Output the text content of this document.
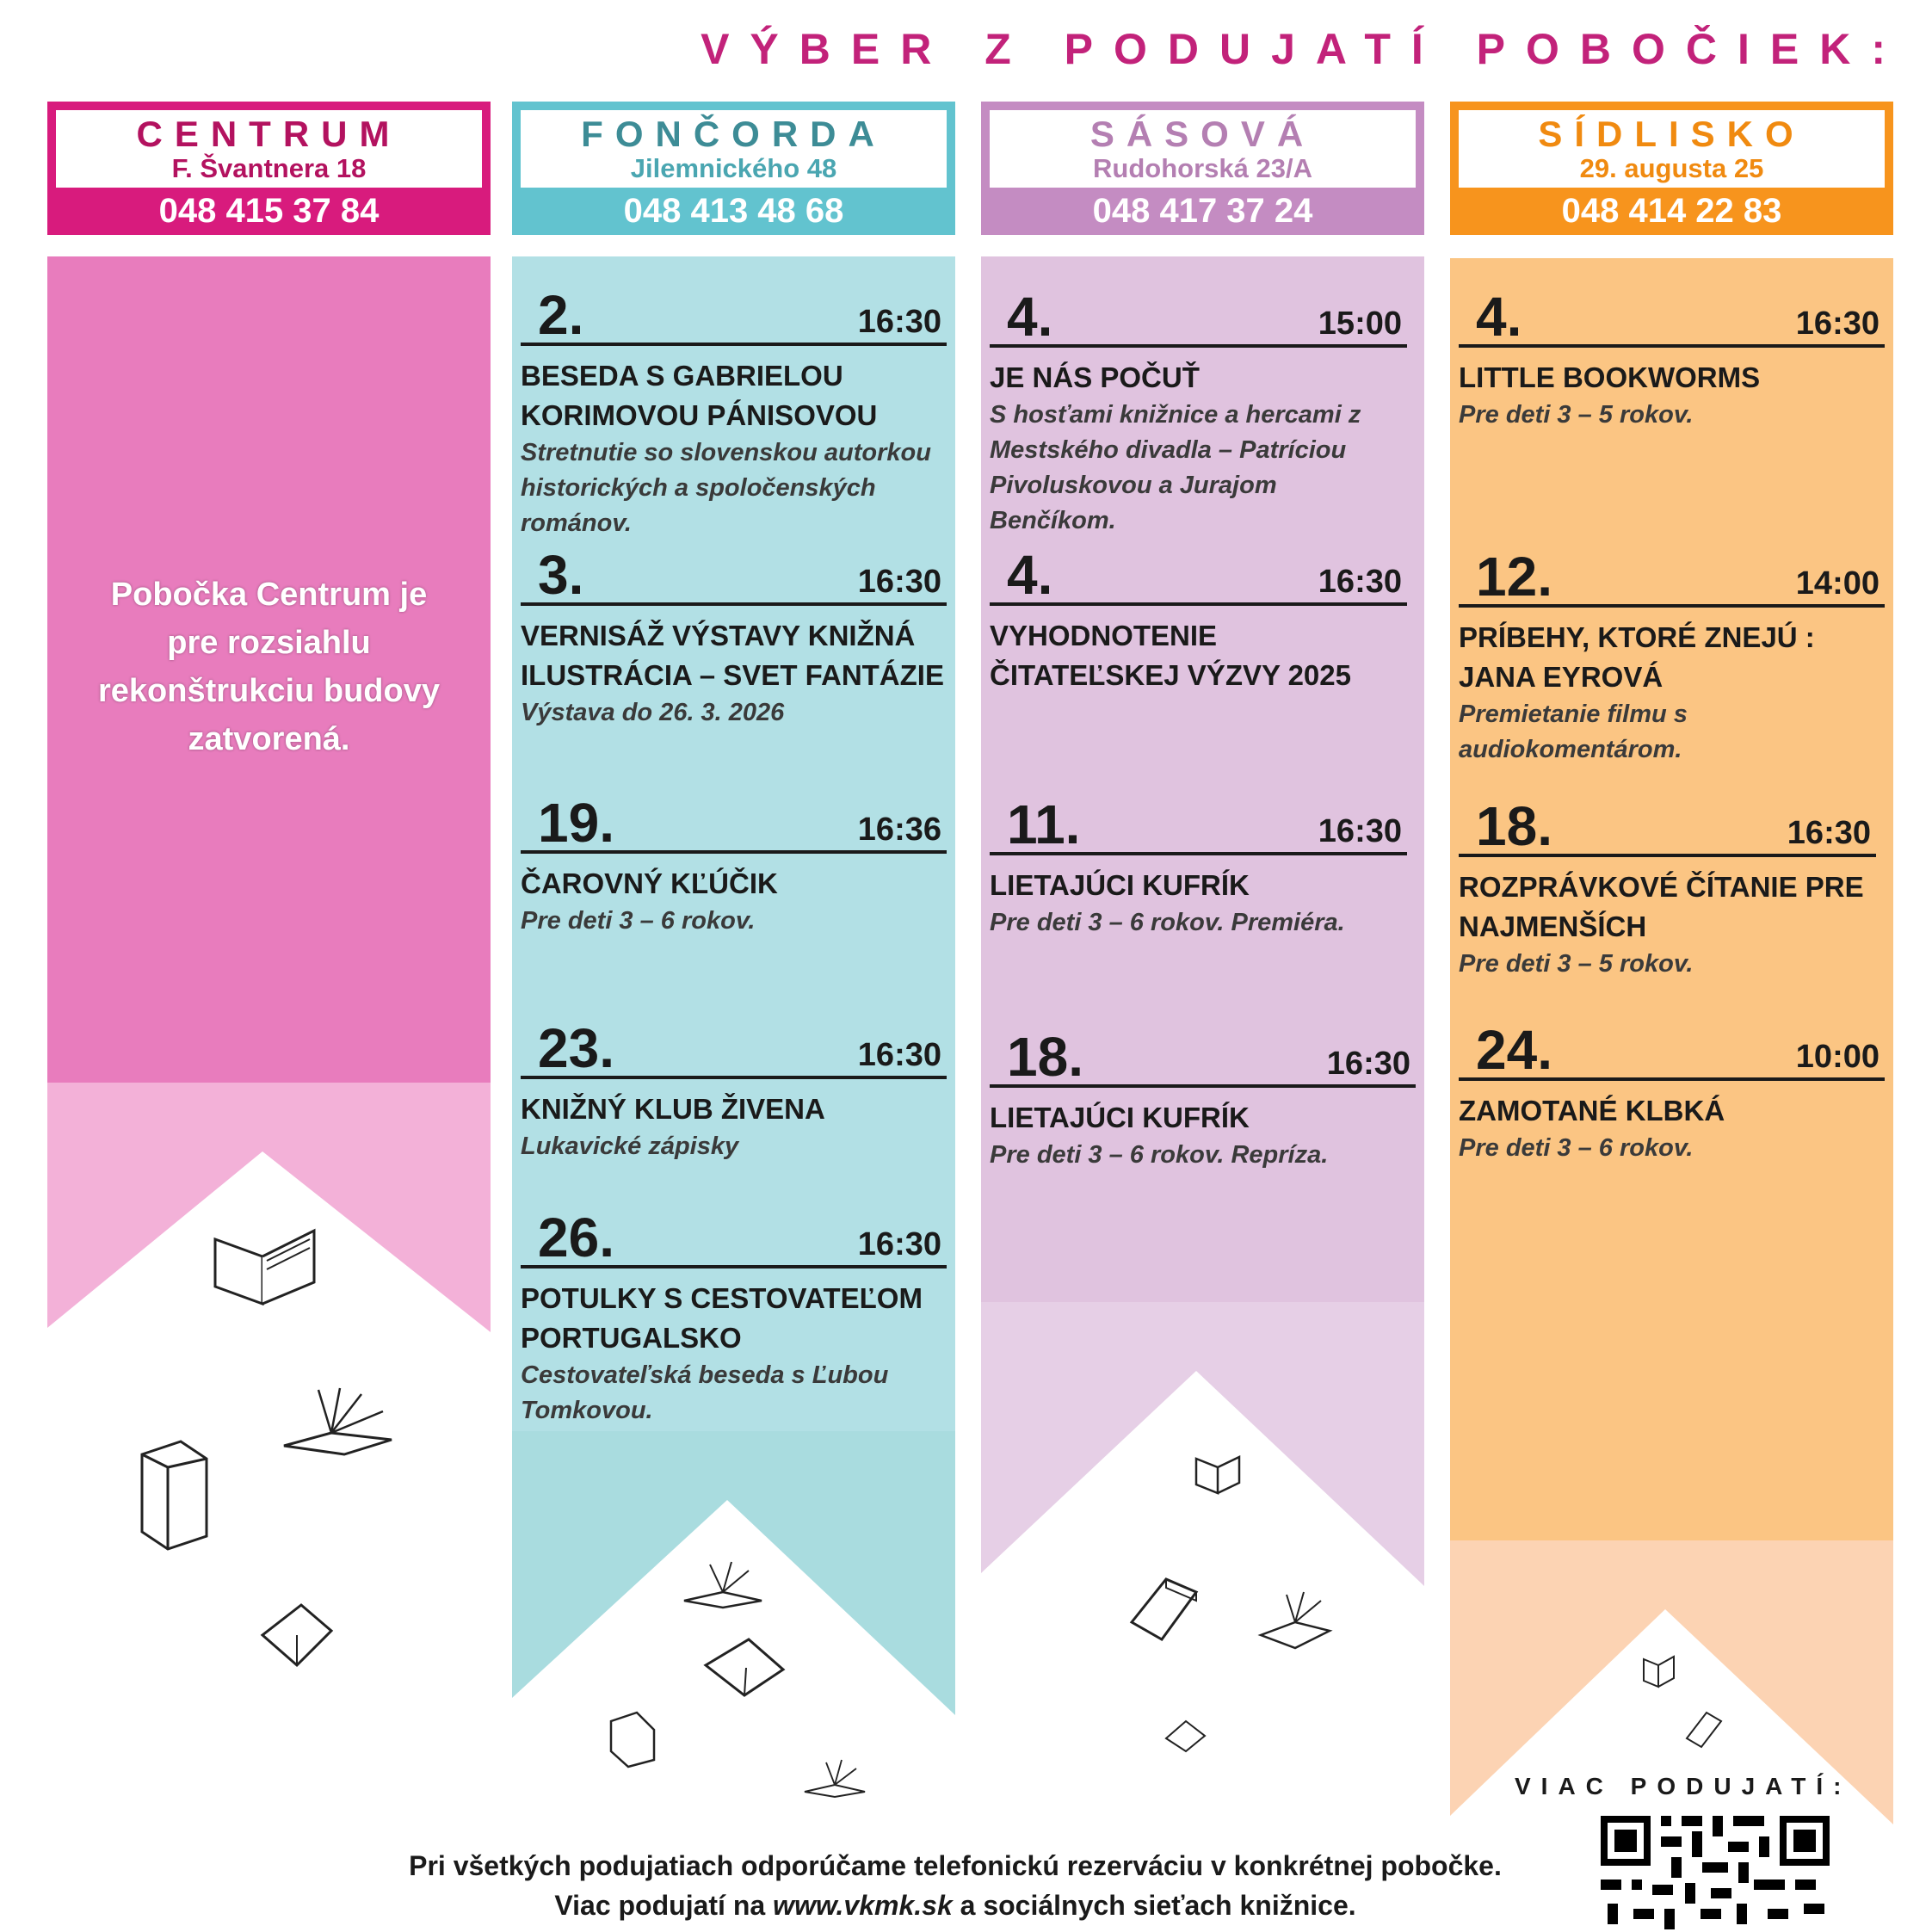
VÝBER Z PODUJATÍ POBOČIEK:
CENTRUM
F. Švantnera 18
048 415 37 84
FONČORDA
Jilemnického 48
048 413 48 68
SÁSOVÁ
Rudohorská 23/A
048 417 37 24
SÍDLISKO
29. augusta 25
048 414 22 83
Pobočka Centrum je pre rozsiahlu rekonštrukciu budovy zatvorená.
2.	16:30
BESEDA S GABRIELOU KORIMOVOU PÁNISOVOU
Stretnutie so slovenskou autorkou historických a spoločenských románov.
3.	16:30
VERNISÁŽ VÝSTAVY KNIŽNÁ ILUSTRÁCIA – SVET FANTÁZIE
Výstava do 26. 3. 2026
19.	16:36
ČAROVNÝ KĽÚČIK
Pre deti 3 – 6 rokov.
23.	16:30
KNIŽNÝ KLUB ŽIVENA
Lukavické zápisky
26.	16:30
POTULKY S CESTOVATEĽOM PORTUGALSKO
Cestovateľská beseda s Ľubou Tomkovou.
4.	15:00
JE NÁS POČUŤ
S hosťami knižnice a hercami z Mestského divadla – Patríciou Pivoluskovou a Jurajom Benčíkom.
4.	16:30
VYHODNOTENIE ČITATEĽSKEJ VÝZVY 2025
11.	16:30
LIETAJÚCI KUFRÍK
Pre deti 3 – 6 rokov. Premiéra.
18.	16:30
LIETAJÚCI KUFRÍK
Pre deti 3 – 6 rokov. Repríza.
4.	16:30
LITTLE BOOKWORMS
Pre deti 3 – 5 rokov.
12.	14:00
PRÍBEHY, KTORÉ ZNEJÚ : JANA EYROVÁ
Premietanie filmu s audiokomentárom.
18.	16:30
ROZPRÁVKOVÉ ČÍTANIE PRE NAJMENŠÍCH
Pre deti 3 – 5 rokov.
24.	10:00
ZAMOTANÉ KLBKÁ
Pre deti 3 – 6 rokov.
VIAC PODUJATÍ:
Pri všetkých podujatiach odporúčame telefonickú rezerváciu v konkrétnej pobočke.
Viac podujatí na www.vkmk.sk a sociálnych sieťach knižnice.
